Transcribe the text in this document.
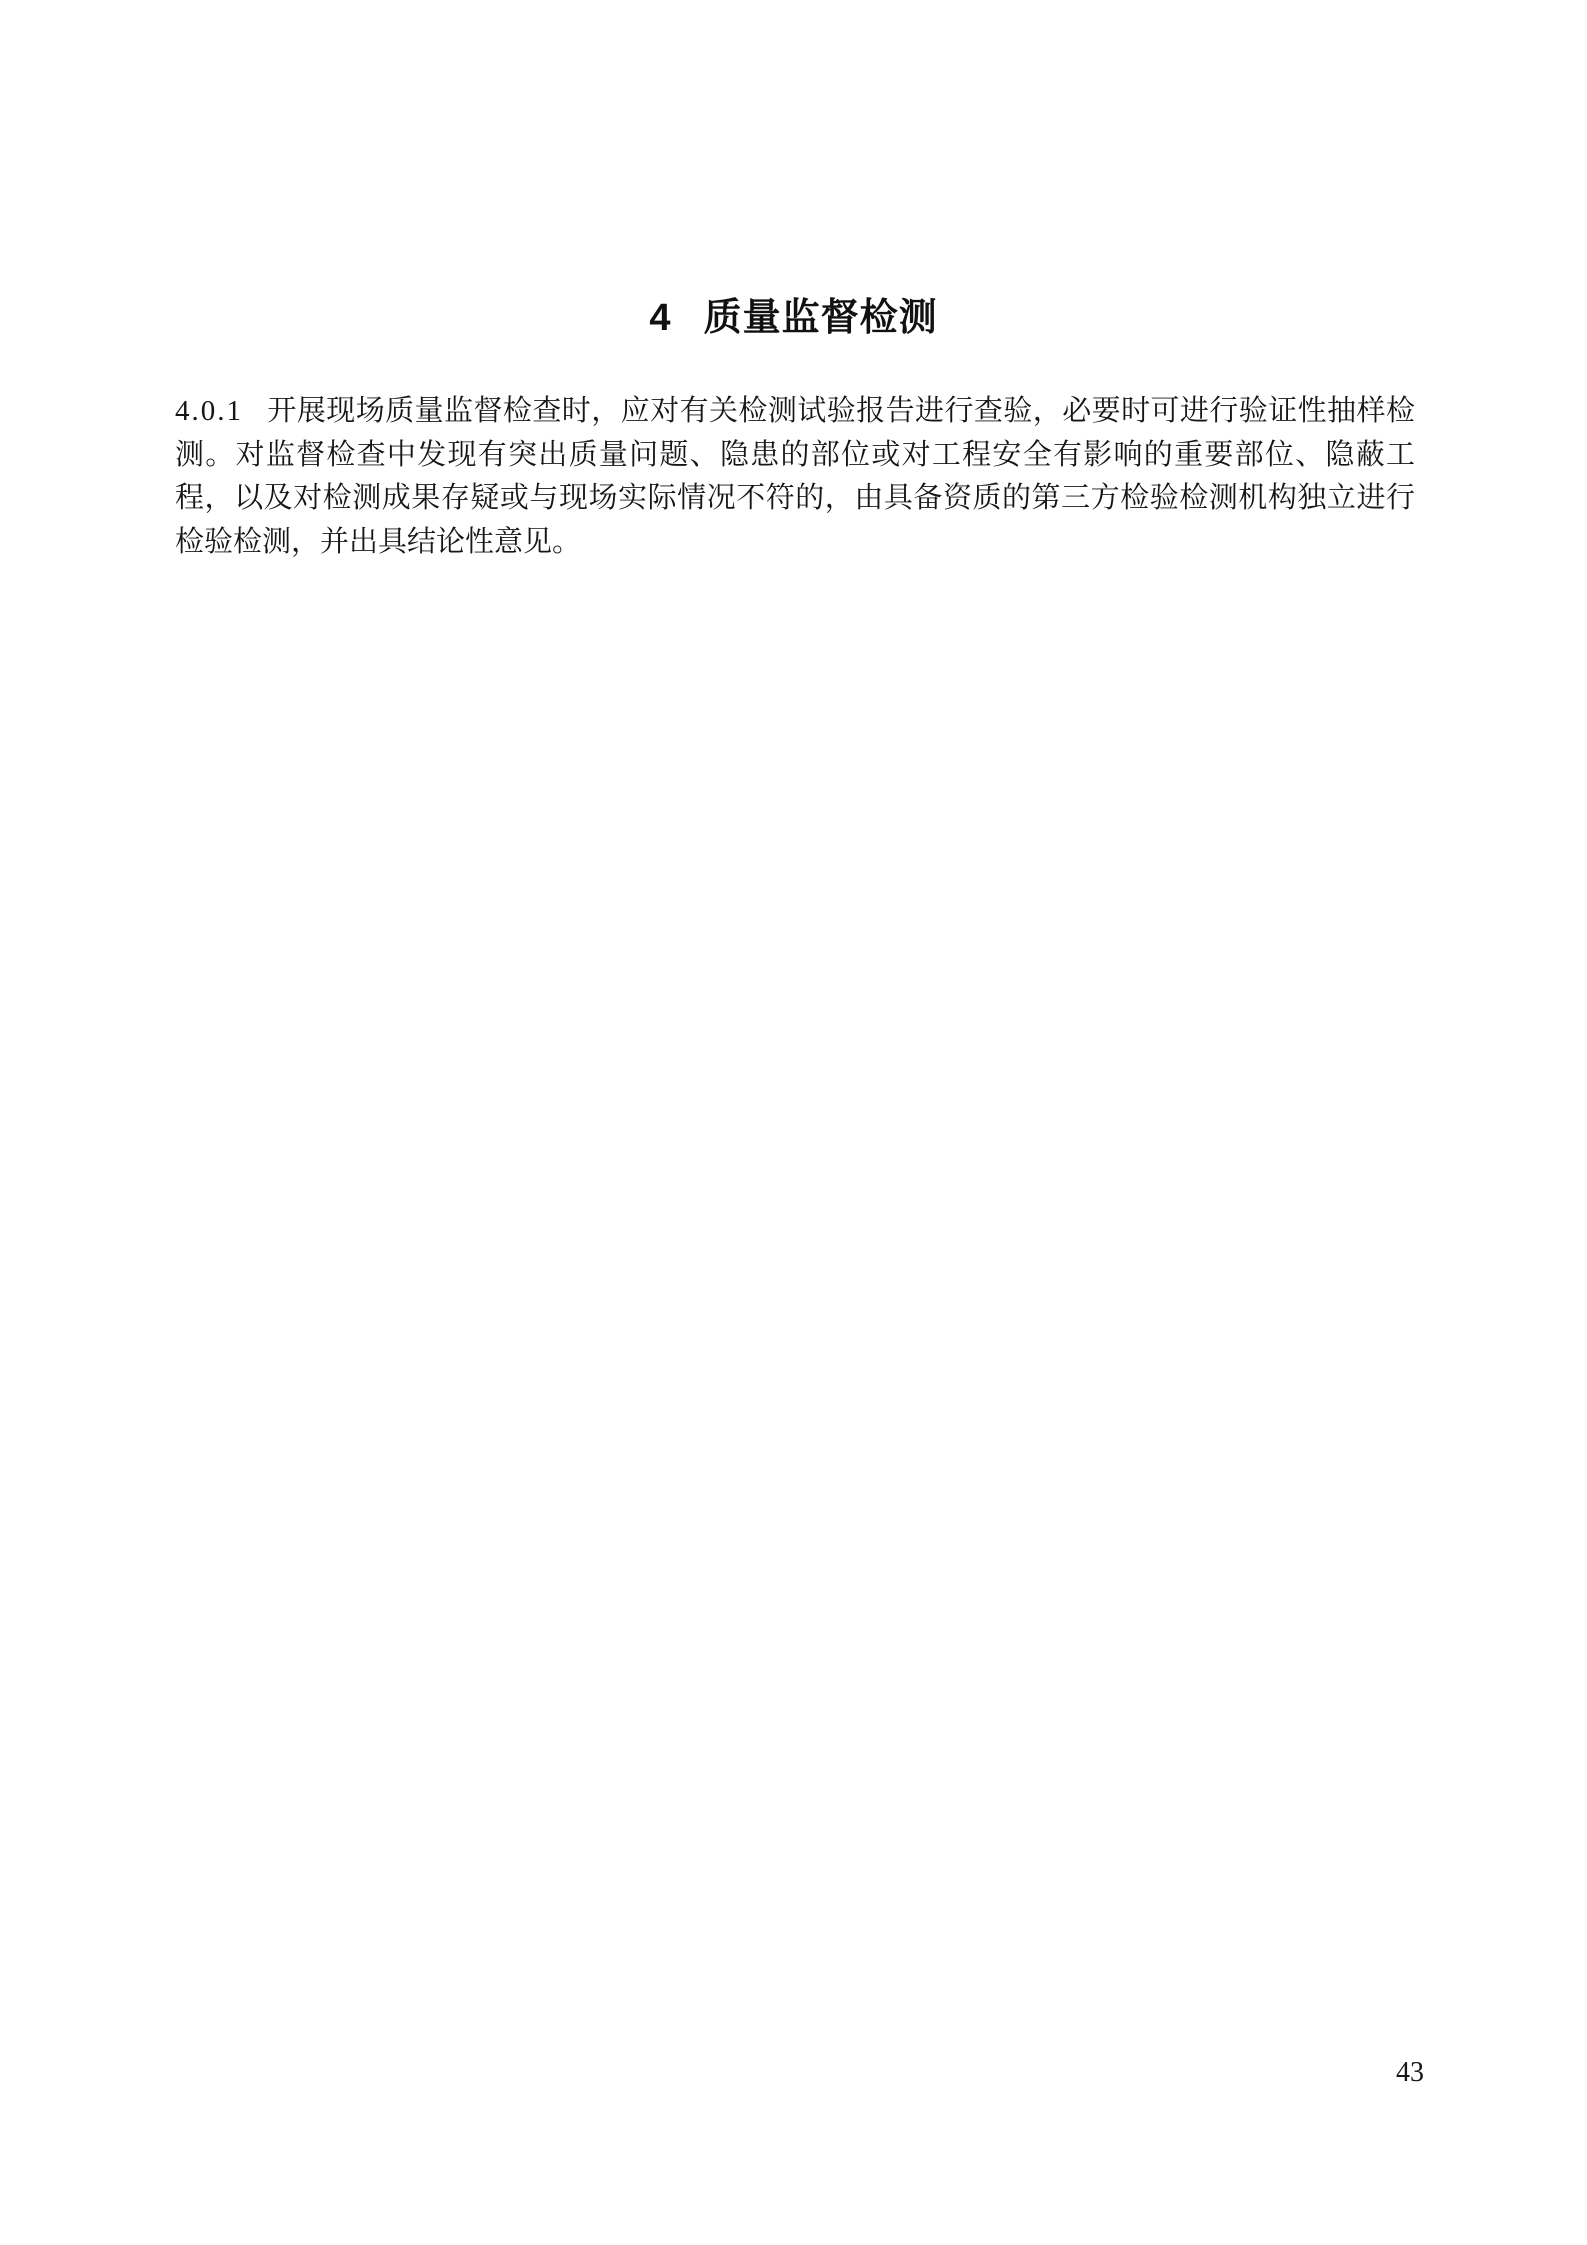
4 质量监督检测

4.0.1 开展现场质量监督检查时，应对有关检测试验报告进行查验，必要时可进行验证性抽样检测。对监督检查中发现有突出质量问题、隐患的部位或对工程安全有影响的重要部位、隐蔽工程，以及对检测成果存疑或与现场实际情况不符的，由具备资质的第三方检验检测机构独立进行检验检测，并出具结论性意见。

43
